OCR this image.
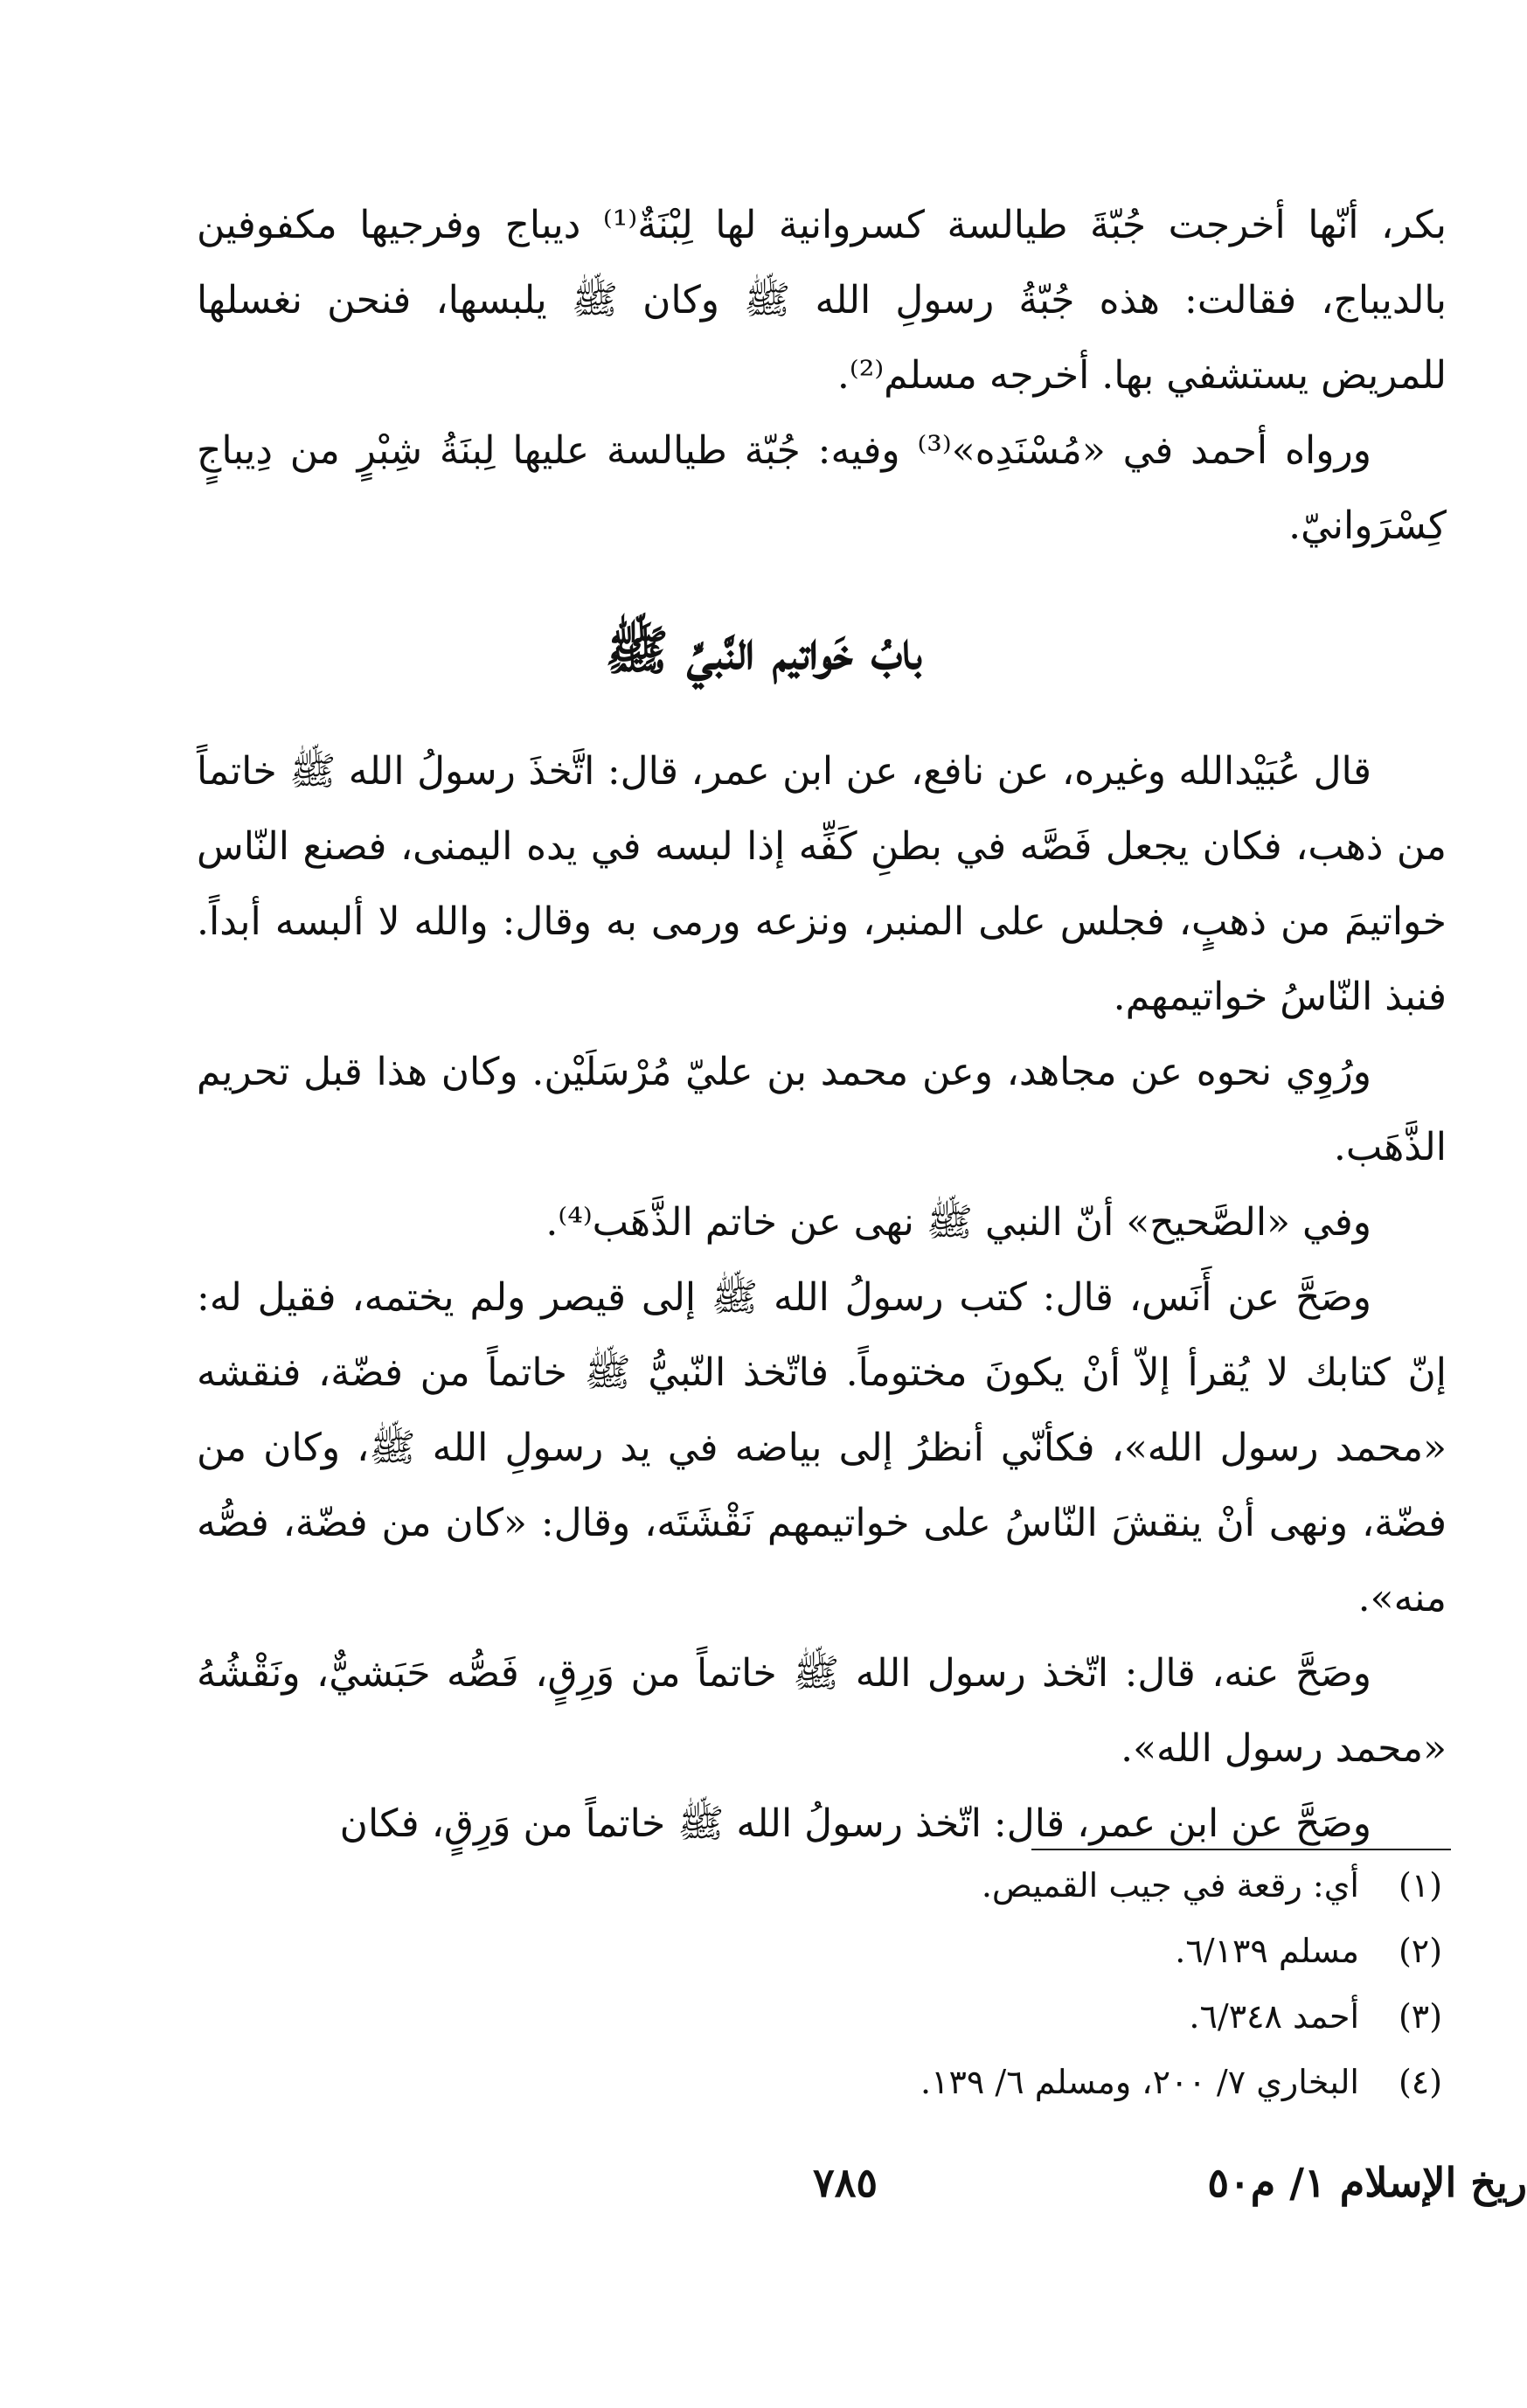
بكر، أنّها أخرجت جُبّةَ طيالسة كسروانية لها لِبْنَةٌ⁽¹⁾ ديباج وفرجيها مكفوفين بالديباج، فقالت: هذه جُبّةُ رسولِ الله ﷺ وكان ﷺ يلبسها، فنحن نغسلها للمريض يستشفي بها. أخرجه مسلم⁽²⁾.

ورواه أحمد في «مُسْنَدِه»⁽³⁾ وفيه: جُبّة طيالسة عليها لِبنَةُ شِبْرٍ من دِيباجٍ كِسْرَوانيّ.

بابُ خَواتيم النَّبيِّ ﷺ

قال عُبَيْدالله وغيره، عن نافع، عن ابن عمر، قال: اتَّخذَ رسولُ الله ﷺ خاتماً من ذهب، فكان يجعل فَصَّه في بطنِ كَفِّه إذا لبسه في يده اليمنى، فصنع النّاس خواتيمَ من ذهبٍ، فجلس على المنبر، ونزعه ورمى به وقال: والله لا ألبسه أبداً. فنبذ النّاسُ خواتيمهم.

ورُوِي نحوه عن مجاهد، وعن محمد بن عليّ مُرْسَلَيْن. وكان هذا قبل تحريم الذَّهَب.

وفي «الصَّحيح» أنّ النبي ﷺ نهى عن خاتم الذَّهَب⁽⁴⁾.

وصَحَّ عن أَنَس، قال: كتب رسولُ الله ﷺ إلى قيصر ولم يختمه، فقيل له: إنّ كتابك لا يُقرأ إلاّ أنْ يكونَ مختوماً. فاتّخذ النّبيُّ ﷺ خاتماً من فضّة، فنقشه «محمد رسول الله»، فكأنّي أنظرُ إلى بياضه في يد رسولِ الله ﷺ، وكان من فضّة، ونهى أنْ ينقشَ النّاسُ على خواتيمهم نَقْشَتَه، وقال: «كان من فضّة، فصُّه منه».

وصَحَّ عنه، قال: اتّخذ رسول الله ﷺ خاتماً من وَرِقٍ، فَصُّه حَبَشيٌّ، ونَقْشُهُ «محمد رسول الله».

وصَحَّ عن ابن عمر، قال: اتّخذ رسولُ الله ﷺ خاتماً من وَرِقٍ، فكان

(١)
أي: رقعة في جيب القميص.
(٢)
مسلم ٦/١٣٩.
(٣)
أحمد ٦/٣٤٨.
(٤)
البخاري ٧/ ٢٠٠، ومسلم ٦/ ١٣٩.
ريخ الإسلام ١/ م٥٠
٧٨٥
